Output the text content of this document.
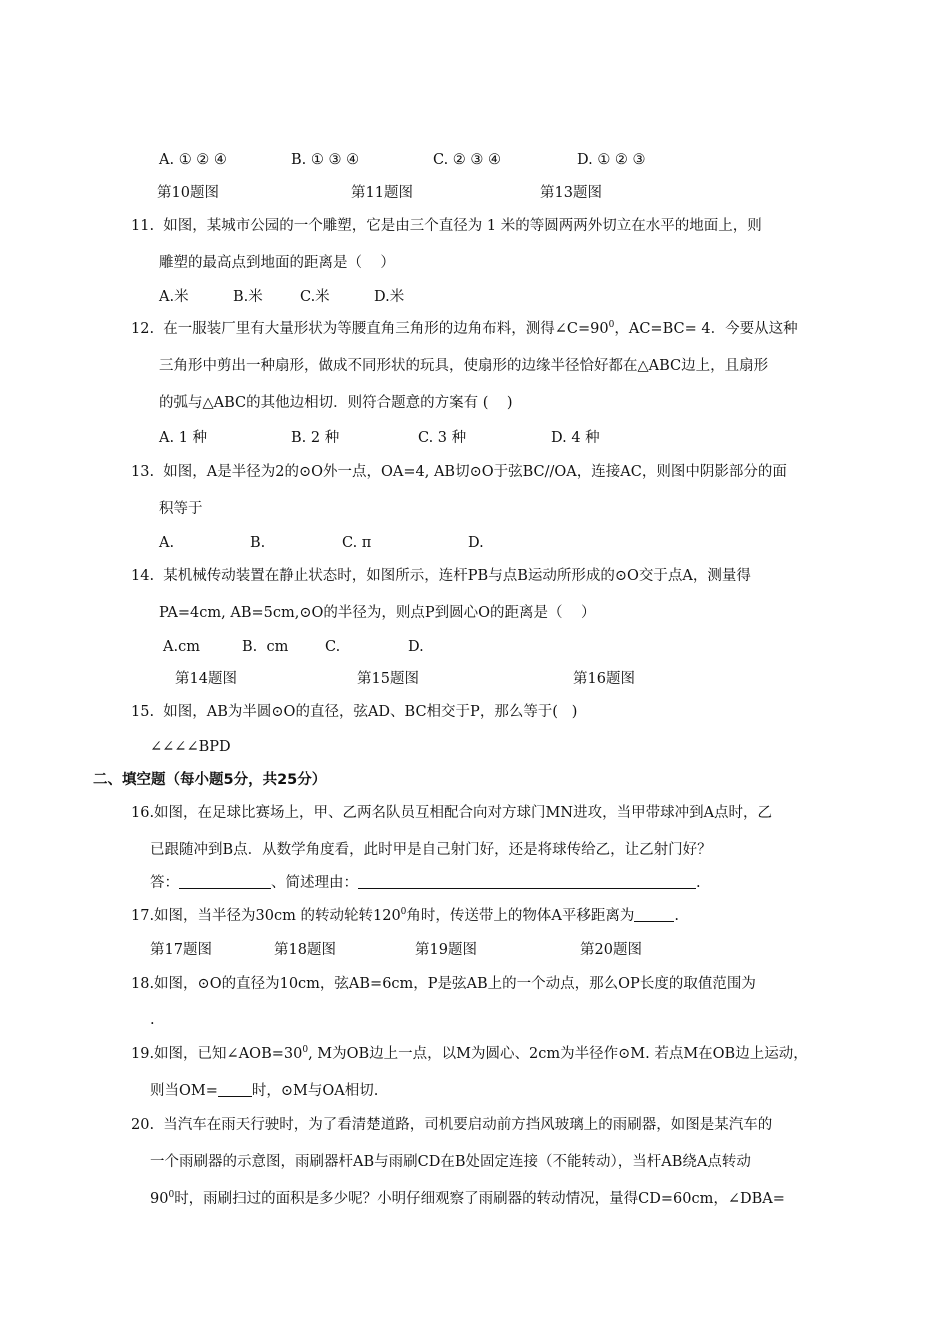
A. ① ② ④	B. ① ③ ④	C. ② ③ ④	D. ① ② ③
第10题图	第11题图	第13题图
11.  如图，某城市公园的一个雕塑，它是由三个直径为 1 米的等圆两两外切立在水平的地面上，则
雕塑的最高点到地面的距离是（    ）
A.米	B.米	C.米	D.米
12.  在一服装厂里有大量形状为等腰直角三角形的边角布料，测得$\angle C=90^0$，AC=BC= 4．今要从这种
三角形中剪出一种扇形，做成不同形状的玩具，使扇形的边缘半径恰好都在△ABC边上，且扇形
的弧与△ABC的其他边相切．则符合题意的方案有 (    )
A. 1 种	B. 2 种	C. 3 种	D. 4 种
13.  如图，A是半径为2的⊙O外一点，OA=4, AB切⊙O于弦BC//OA，连接AC，则图中阴影部分的面
积等于
A.	B.	C. π	D.
14.  某机械传动装置在静止状态时，如图所示，连杆PB与点B运动所形成的⊙O交于点A，测量得
PA=4cm, AB=5cm,⊙O的半径为，则点P到圆心O的距离是（    ）
A.cm	B.  cm	C.	D.
第14题图	第15题图	第16题图
15.  如图，AB为半圆⊙O的直径，弦AD、BC相交于P，那么等于(   )
∠∠∠∠BPD
二、填空题（每小题5分，共25分）
16.如图，在足球比赛场上，甲、乙两名队员互相配合向对方球门MN进攻，当甲带球冲到A点时，乙
已跟随冲到B点．从数学角度看，此时甲是自己射门好，还是将球传给乙，让乙射门好？
答：	、简述理由：	.
17.如图，当半径为30cm 的转动轮转$120^0$角时，传送带上的物体A平移距离为	.
第17题图	第18题图	第19题图	第20题图
18.如图，⊙O的直径为10cm，弦AB=6cm，P是弦AB上的一个动点，那么OP长度的取值范围为
.
19.如图，已知$\angle AOB=30^0$, M为OB边上一点，以M为圆心、2cm为半径作⊙M. 若点M在OB边上运动，
则当OM= 时，⊙M与OA相切.
20.  当汽车在雨天行驶时，为了看清楚道路，司机要启动前方挡风玻璃上的雨刷器，如图是某汽车的
一个雨刷器的示意图，雨刷器杆AB与雨刷CD在B处固定连接（不能转动），当杆AB绕A点转动
$90^0$时，雨刷扫过的面积是多少呢？小明仔细观察了雨刷器的转动情况，量得CD=60cm，∠DBA=
